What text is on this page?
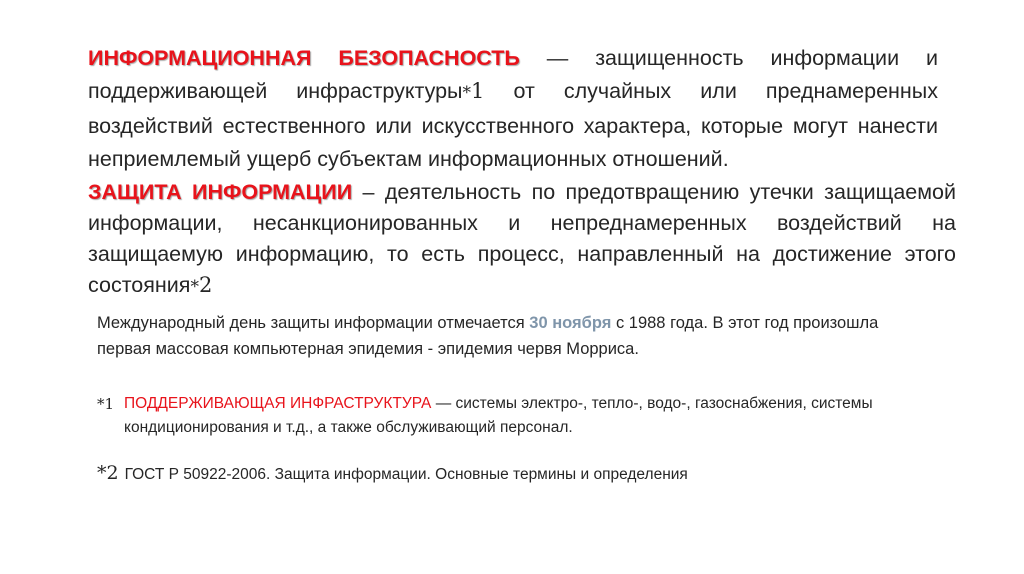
ИНФОРМАЦИОННАЯ БЕЗОПАСНОСТЬ — защищенность информации и поддерживающей инфраструктуры*1 от случайных или преднамеренных воздействий естественного или искусственного характера, которые могут нанести неприемлемый ущерб субъектам информационных отношений.

ЗАЩИТА ИНФОРМАЦИИ – деятельность по предотвращению утечки защищаемой информации, несанкционированных и непреднамеренных воздействий на защищаемую информацию, то есть процесс, направленный на достижение этого состояния*2

Международный день защиты информации отмечается 30 ноября с 1988 года. В этот год произошла первая массовая компьютерная эпидемия - эпидемия червя Морриса.

*1 ПОДДЕРЖИВАЮЩАЯ ИНФРАСТРУКТУРА — системы электро-, тепло-, водо-, газоснабжения, системы кондиционирования и т.д., а также обслуживающий персонал.
*2 ГОСТ Р 50922-2006. Защита информации. Основные термины и определения
